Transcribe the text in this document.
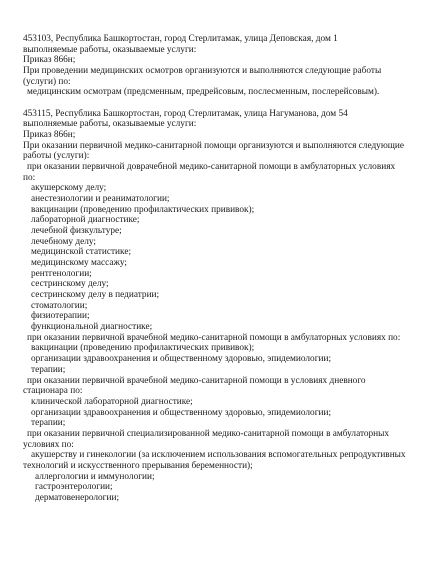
453103, Республика Башкортостан, город Стерлитамак, улица Деповская, дом 1
выполняемые работы, оказываемые услуги:
Приказ 866н;
При проведении медицинских осмотров организуются и выполняются следующие работы
(услуги) по:
медицинским осмотрам (предсменным, предрейсовым, послесменным, послерейсовым).
453115, Республика Башкортостан, город Стерлитамак, улица Нагуманова, дом 54
выполняемые работы, оказываемые услуги:
Приказ 866н;
При оказании первичной медико-санитарной помощи организуются и выполняются следующие
работы (услуги):
при оказании первичной доврачебной медико-санитарной помощи в амбулаторных условиях
по:
акушерскому делу;
анестезиологии и реаниматологии;
вакцинации (проведению профилактических прививок);
лабораторной диагностике;
лечебной физкультуре;
лечебному делу;
медицинской статистике;
медицинскому массажу;
рентгенологии;
сестринскому делу;
сестринскому делу в педиатрии;
стоматологии;
физиотерапии;
функциональной диагностике;
при оказании первичной врачебной медико-санитарной помощи в амбулаторных условиях по:
вакцинации (проведению профилактических прививок);
организации здравоохранения и общественному здоровью, эпидемиологии;
терапии;
при оказании первичной врачебной медико-санитарной помощи в условиях дневного
стационара по:
клинической лабораторной диагностике;
организации здравоохранения и общественному здоровью, эпидемиологии;
терапии;
при оказании первичной специализированной медико-санитарной помощи в амбулаторных
условиях по:
акушерству и гинекологии (за исключением использования вспомогательных репродуктивных
технологий и искусственного прерывания беременности);
аллергологии и иммунологии;
гастроэнтерологии;
дерматовенерологии;
